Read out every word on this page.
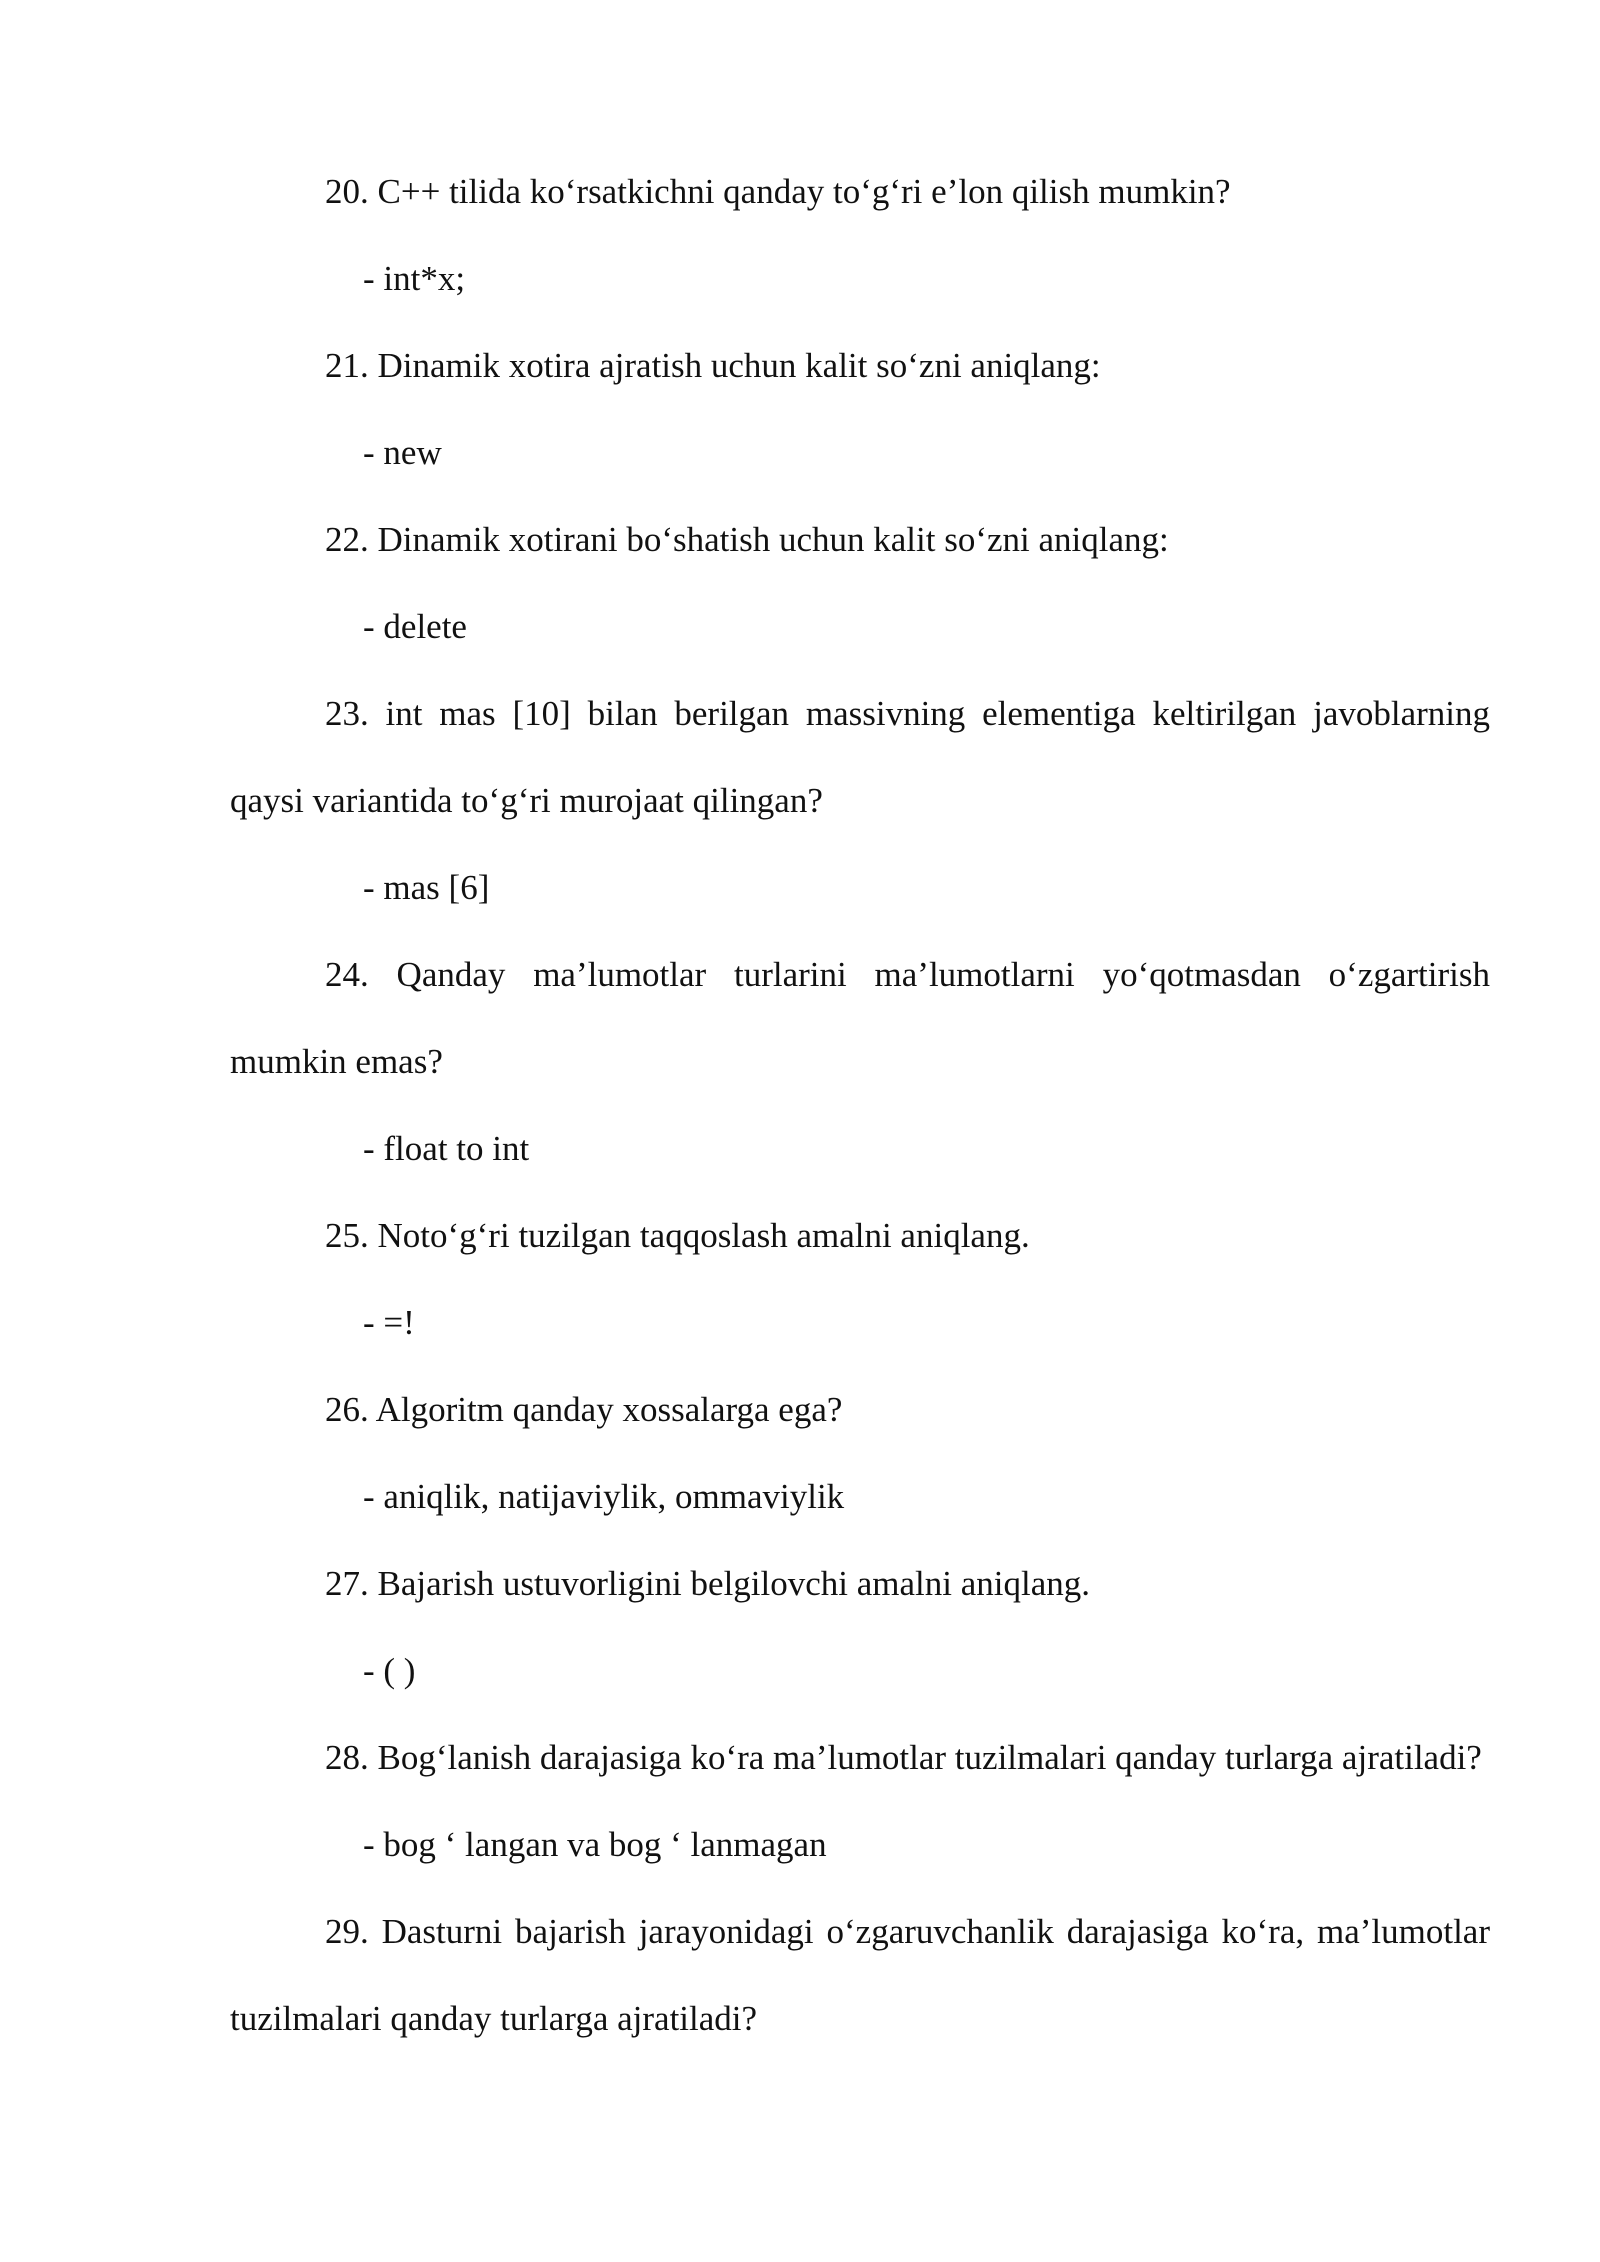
20. C++ tilida ko‘rsatkichni qanday to‘g‘ri e’lon qilish mumkin?

- int*x;

21. Dinamik xotira ajratish uchun kalit so‘zni aniqlang:

- new

22. Dinamik xotirani bo‘shatish uchun kalit so‘zni aniqlang:

- delete

23. int mas [10] bilan berilgan massivning elementiga keltirilgan javoblarning qaysi variantida to‘g‘ri murojaat qilingan?

- mas [6]

24. Qanday ma’lumotlar turlarini ma’lumotlarni yo‘qotmasdan o‘zgartirish mumkin emas?

- float to int

25. Noto‘g‘ri tuzilgan taqqoslash amalni aniqlang.

- =!

26. Algoritm qanday xossalarga ega?

- aniqlik, natijaviylik, ommaviylik

27. Bajarish ustuvorligini belgilovchi amalni aniqlang.

- ( )

28. Bog‘lanish darajasiga ko‘ra ma’lumotlar tuzilmalari qanday turlarga ajratiladi?

- bog ‘ langan va bog ‘ lanmagan

29. Dasturni bajarish jarayonidagi o‘zgaruvchanlik darajasiga ko‘ra, ma’lumotlar tuzilmalari qanday turlarga ajratiladi?
